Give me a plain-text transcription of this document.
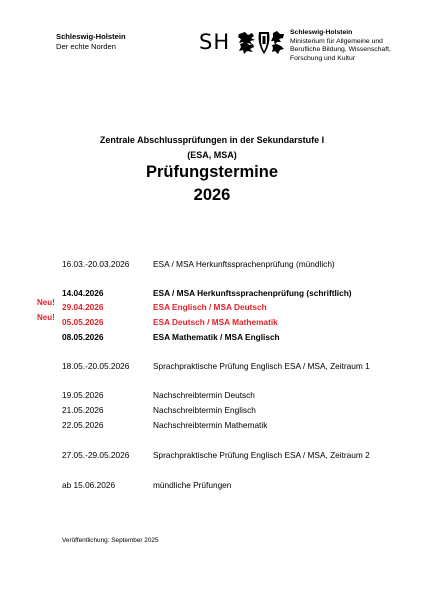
Schleswig-Holstein
Der echte Norden	SH	Schleswig-Holstein
Ministerium für Allgemeine und
Berufliche Bildung, Wissenschaft,
Forschung und Kultur
Zentrale Abschlussprüfungen in der Sekundarstufe I
(ESA, MSA)
Prüfungstermine
2026
16.03.-20.03.2026	ESA / MSA Herkunftssprachenprüfung (mündlich)
14.04.2026	ESA / MSA Herkunftssprachenprüfung (schriftlich)
Neu! 29.04.2026	ESA Englisch / MSA Deutsch
Neu! 05.05.2026	ESA Deutsch / MSA Mathematik
08.05.2026	ESA Mathematik / MSA Englisch
18.05.-20.05.2026	Sprachpraktische Prüfung Englisch ESA / MSA, Zeitraum 1
19.05.2026	Nachschreibtermin Deutsch
21.05.2026	Nachschreibtermin Englisch
22.05.2026	Nachschreibtermin Mathematik
27.05.-29.05.2026	Sprachpraktische Prüfung Englisch ESA / MSA, Zeitraum 2
ab 15.06.2026	mündliche Prüfungen
Veröffentlichung: September 2025
